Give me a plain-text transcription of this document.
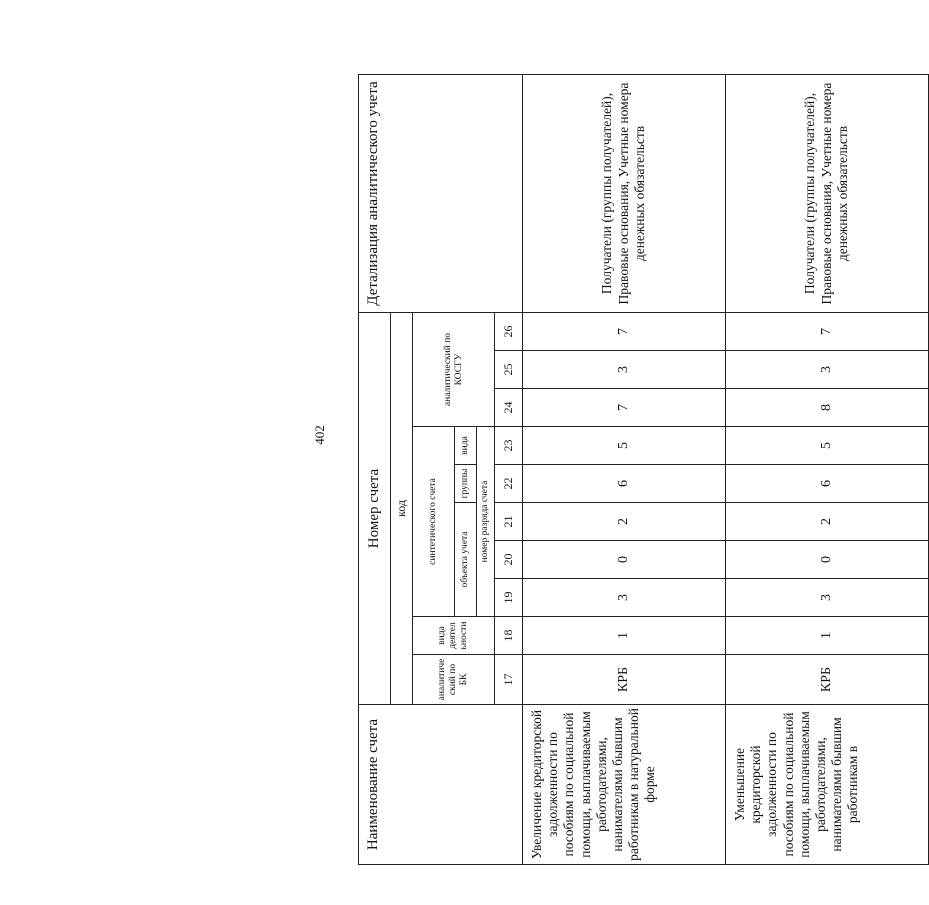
402
Наименование счета	Номер счета										Детализация аналитического учета
	код										
	аналитиче ский по БК	вида деятел ьности	синтетического счета					аналитический по КОСГУ			
			объекта учета			группы	вида				
			номер разряда счета								
	17	18	19	20	21	22	23	24	25	26	
Увеличение кредиторской задолженности по пособиям по социальной помощи, выплачиваемым работодателями, нанимателями бывшим работникам в натуральной форме	КРБ	1	3	0	2	6	5	7	3	7	Получатели (группы получателей), Правовые основания, Учетные номера денежных обязательств
Уменьшение кредиторской задолженности по пособиям по социальной помощи, выплачиваемым работодателями, нанимателями бывшим работникам в	КРБ	1	3	0	2	6	5	8	3	7	Получатели (группы получателей), Правовые основания, Учетные номера денежных обязательств
